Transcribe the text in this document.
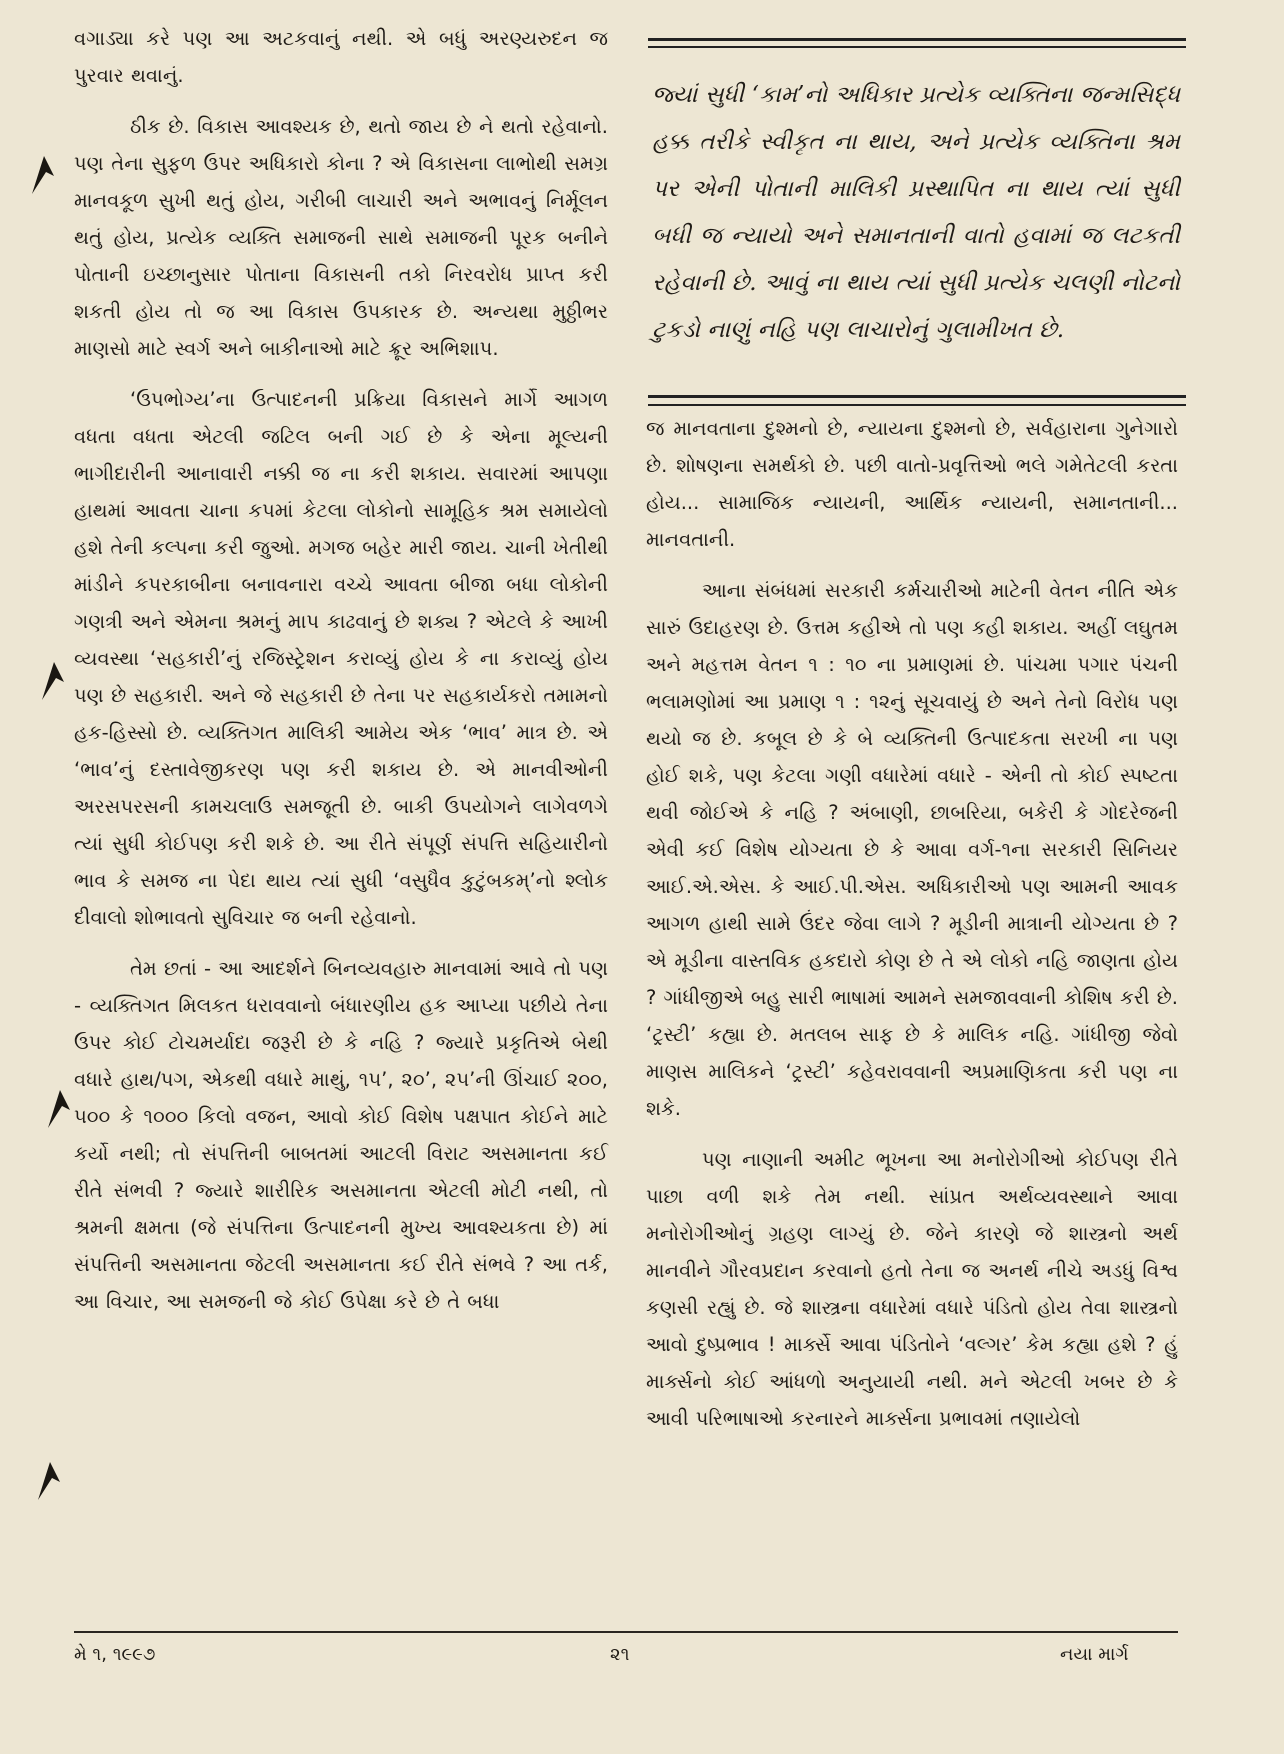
વગાડ્યા કરે પણ આ અટકવાનું નથી. એ બધું અરણ્યરુદન જ પુરવાર થવાનું.

ઠીક છે. વિકાસ આવશ્યક છે, થતો જાય છે ને થતો રહેવાનો. પણ તેના સુફળ ઉપર અધિકારો કોના ? એ વિકાસના લાભોથી સમગ્ર માનવકૂળ સુખી થતું હોય, ગરીબી લાચારી અને અભાવનું નિર્મૂલન થતું હોય, પ્રત્યેક વ્યક્તિ સમાજની સાથે સમાજની પૂરક બનીને પોતાની ઇચ્છાનુસાર પોતાના વિકાસની તકો નિરવરોધ પ્રાપ્ત કરી શકતી હોય તો જ આ વિકાસ ઉપકારક છે. અન્યથા મુઠ્ઠીભર માણસો માટે સ્વર્ગ અને બાકીનાઓ માટે ક્રૂર અભિશાપ.

‘ઉપભોગ્ય’ના ઉત્પાદનની પ્રક્રિયા વિકાસને માર્ગે આગળ વધતા વધતા એટલી જટિલ બની ગઈ છે કે એના મૂલ્યની ભાગીદારીની આનાવારી નક્કી જ ના કરી શકાય. સવારમાં આપણા હાથમાં આવતા ચાના કપમાં કેટલા લોકોનો સામૂહિક શ્રમ સમાયેલો હશે તેની કલ્પના કરી જુઓ. મગજ બહેર મારી જાય. ચાની ખેતીથી માંડીને કપરકાબીના બનાવનારા વચ્ચે આવતા બીજા બધા લોકોની ગણત્રી અને એમના શ્રમનું માપ કાઢવાનું છે શક્ય ? એટલે કે આખી વ્યવસ્થા ‘સહકારી’નું રજિસ્ટ્રેશન કરાવ્યું હોય કે ના કરાવ્યું હોય પણ છે સહકારી. અને જે સહકારી છે તેના પર સહકાર્યકરો તમામનો હક-હિસ્સો છે. વ્યક્તિગત માલિકી આમેય એક ‘ભાવ’ માત્ર છે. એ ‘ભાવ’નું દસ્તાવેજીકરણ પણ કરી શકાય છે. એ માનવીઓની અરસપરસની કામચલાઉ સમજૂતી છે. બાકી ઉપયોગને લાગેવળગે ત્યાં સુધી કોઈપણ કરી શકે છે. આ રીતે સંપૂર્ણ સંપત્તિ સહિયારીનો ભાવ કે સમજ ના પેદા થાય ત્યાં સુધી ‘વસુધૈવ કુટુંબકમ્’નો શ્લોક દીવાલો શોભાવતો સુવિચાર જ બની રહેવાનો.

તેમ છતાં - આ આદર્શને બિનવ્યવહારુ માનવામાં આવે તો પણ - વ્યક્તિગત મિલકત ધરાવવાનો બંધારણીય હક આપ્યા પછીયે તેના ઉપર કોઈ ટોચમર્યાદા જરૂરી છે કે નહિ ? જ્યારે પ્રકૃતિએ બેથી વધારે હાથ/પગ, એકથી વધારે માથું, ૧૫’, ૨૦’, ૨૫’ની ઊંચાઈ ૨૦૦, ૫૦૦ કે ૧૦૦૦ કિલો વજન, આવો કોઈ વિશેષ પક્ષપાત કોઈને માટે કર્યો નથી; તો સંપત્તિની બાબતમાં આટલી વિરાટ અસમાનતા કઈ રીતે સંભવી ? જ્યારે શારીરિક અસમાનતા એટલી મોટી નથી, તો શ્રમની ક્ષમતા (જે સંપત્તિના ઉત્પાદનની મુખ્ય આવશ્યકતા છે) માં સંપત્તિની અસમાનતા જેટલી અસમાનતા કઈ રીતે સંભવે ? આ તર્ક, આ વિચાર, આ સમજની જે કોઈ ઉપેક્ષા કરે છે તે બધા

જ્યાં સુધી ‘કામ’નો અધિકાર પ્રત્યેક વ્યક્તિના જન્મસિદ્ધ હક્ક તરીકે સ્વીકૃત ના થાય, અને પ્રત્યેક વ્યક્તિના શ્રમ પર એની પોતાની માલિકી પ્રસ્થાપિત ના થાય ત્યાં સુધી બધી જ ન્યાયો અને સમાનતાની વાતો હવામાં જ લટકતી રહેવાની છે. આવું ના થાય ત્યાં સુધી પ્રત્યેક ચલણી નોટનો ટુકડો નાણું નહિ પણ લાચારોનું ગુલામીખત છે.

જ માનવતાના દુશ્મનો છે, ન્યાયના દુશ્મનો છે, સર્વહારાના ગુનેગારો છે. શોષણના સમર્થકો છે. પછી વાતો-પ્રવૃત્તિઓ ભલે ગમેતેટલી કરતા હોય... સામાજિક ન્યાયની, આર્થિક ન્યાયની, સમાનતાની... માનવતાની.

આના સંબંધમાં સરકારી કર્મચારીઓ માટેની વેતન નીતિ એક સારું ઉદાહરણ છે. ઉત્તમ કહીએ તો પણ કહી શકાય. અહીં લઘુતમ અને મહત્તમ વેતન ૧ : ૧૦ ના પ્રમાણમાં છે. પાંચમા પગાર પંચની ભલામણોમાં આ પ્રમાણ ૧ : ૧૨નું સૂચવાયું છે અને તેનો વિરોધ પણ થયો જ છે. કબૂલ છે કે બે વ્યક્તિની ઉત્પાદકતા સરખી ના પણ હોઈ શકે, પણ કેટલા ગણી વધારેમાં વધારે - એની તો કોઈ સ્પષ્ટતા થવી જોઈએ કે નહિ ? અંબાણી, છાબરિયા, બકેરી કે ગોદરેજની એવી કઈ વિશેષ યોગ્યતા છે કે આવા વર્ગ-૧ના સરકારી સિનિયર આઈ.એ.એસ. કે આઈ.પી.એસ. અધિકારીઓ પણ આમની આવક આગળ હાથી સામે ઉંદર જેવા લાગે ? મૂડીની માત્રાની યોગ્યતા છે ? એ મૂડીના વાસ્તવિક હકદારો કોણ છે તે એ લોકો નહિ જાણતા હોય ? ગાંધીજીએ બહુ સારી ભાષામાં આમને સમજાવવાની કોશિષ કરી છે. ‘ટ્રસ્ટી’ કહ્યા છે. મતલબ સાફ છે કે માલિક નહિ. ગાંધીજી જેવો માણસ માલિકને ‘ટ્રસ્ટી’ કહેવરાવવાની અપ્રમાણિકતા કરી પણ ના શકે.

પણ નાણાની અમીટ ભૂખના આ મનોરોગીઓ કોઈપણ રીતે પાછા વળી શકે તેમ નથી. સાંપ્રત અર્થવ્યવસ્થાને આવા મનોરોગીઓનું ગ્રહણ લાગ્યું છે. જેને કારણે જે શાસ્ત્રનો અર્થ માનવીને ગૌરવપ્રદાન કરવાનો હતો તેના જ અનર્થ નીચે અડધું વિશ્વ કણસી રહ્યું છે. જે શાસ્ત્રના વધારેમાં વધારે પંડિતો હોય તેવા શાસ્ત્રનો આવો દુષ્પ્રભાવ ! માર્ક્સે આવા પંડિતોને ‘વલ્ગર’ કેમ કહ્યા હશે ? હું માર્ક્સનો કોઈ આંધળો અનુયાયી નથી. મને એટલી ખબર છે કે આવી પરિભાષાઓ કરનારને માર્ક્સના પ્રભાવમાં તણાયેલો

મે ૧, ૧૯૯૭	૨૧	નયા માર્ગ
